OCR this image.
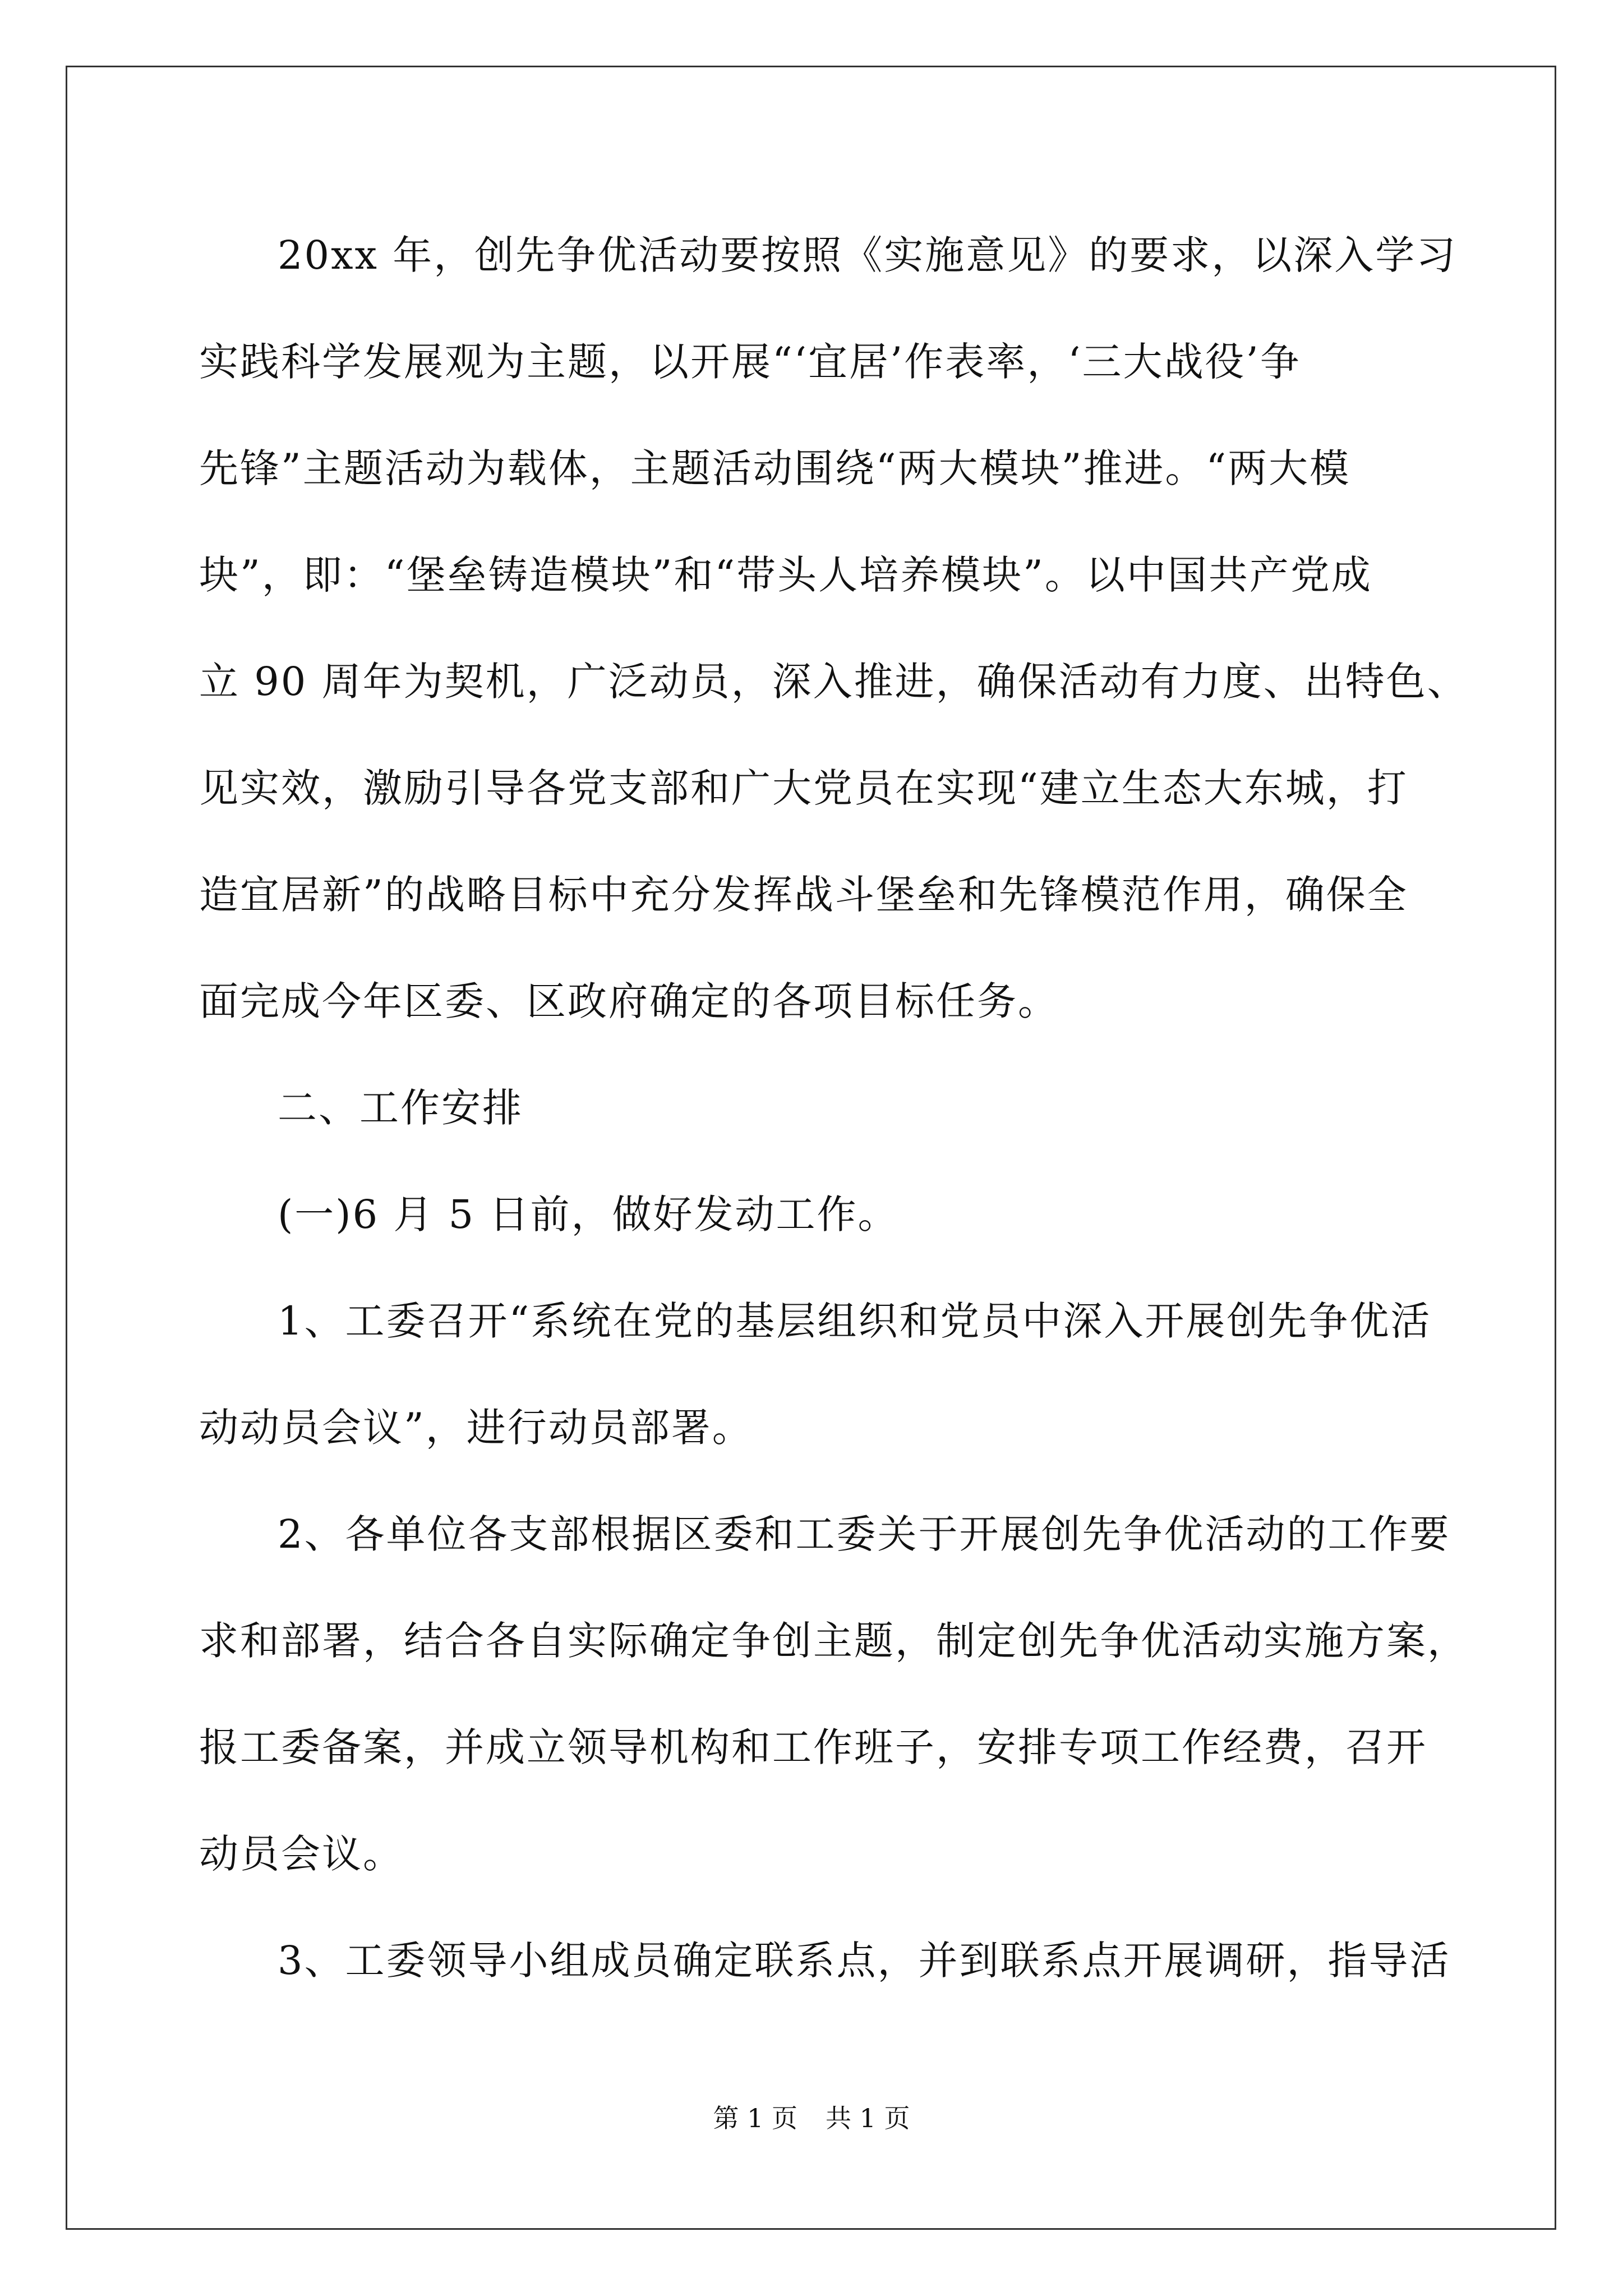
20xx 年，创先争优活动要按照《实施意见》的要求，以深入学习
实践科学发展观为主题，以开展“‘宜居’作表率，‘三大战役’争
先锋”主题活动为载体，主题活动围绕“两大模块”推进。“两大模
块”，即：“堡垒铸造模块”和“带头人培养模块”。以中国共产党成
立 90 周年为契机，广泛动员，深入推进，确保活动有力度、出特色、
见实效，激励引导各党支部和广大党员在实现“建立生态大东城，打
造宜居新”的战略目标中充分发挥战斗堡垒和先锋模范作用，确保全
面完成今年区委、区政府确定的各项目标任务。
二、工作安排
(一)6 月 5 日前，做好发动工作。
1、工委召开“系统在党的基层组织和党员中深入开展创先争优活
动动员会议”，进行动员部署。
2、各单位各支部根据区委和工委关于开展创先争优活动的工作要
求和部署，结合各自实际确定争创主题，制定创先争优活动实施方案，
报工委备案，并成立领导机构和工作班子，安排专项工作经费，召开
动员会议。
3、工委领导小组成员确定联系点，并到联系点开展调研，指导活
第 1 页 共 1 页
